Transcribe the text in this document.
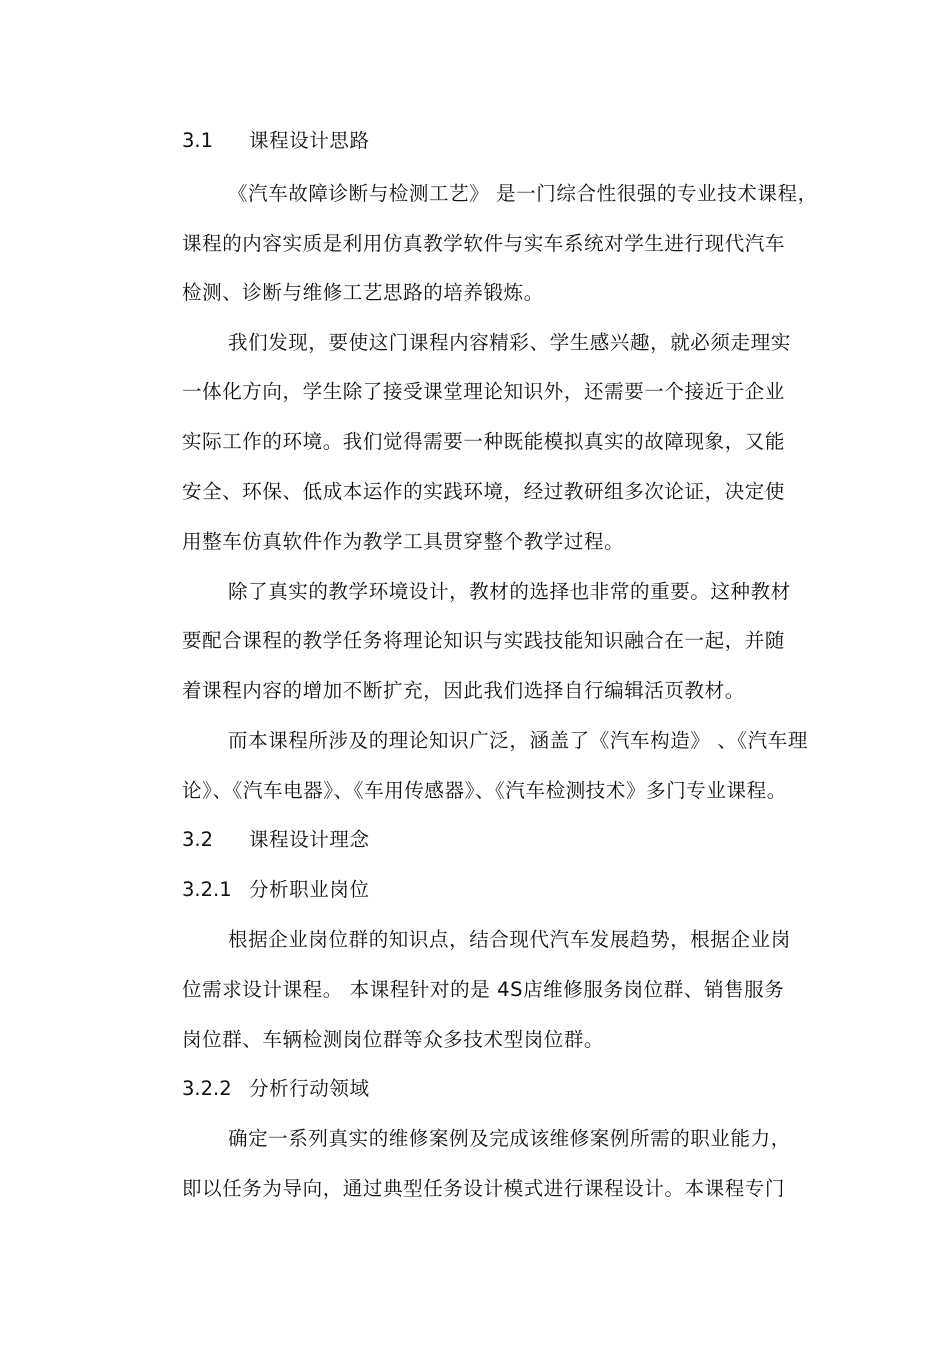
3.1 课程设计思路

《汽车故障诊断与检测工艺》 是一门综合性很强的专业技术课程，

课程的内容实质是利用仿真教学软件与实车系统对学生进行现代汽车

检测、诊断与维修工艺思路的培养锻炼。

我们发现，要使这门课程内容精彩、学生感兴趣，就必须走理实

一体化方向，学生除了接受课堂理论知识外，还需要一个接近于企业

实际工作的环境。我们觉得需要一种既能模拟真实的故障现象，又能

安全、环保、低成本运作的实践环境，经过教研组多次论证，决定使

用整车仿真软件作为教学工具贯穿整个教学过程。

除了真实的教学环境设计，教材的选择也非常的重要。这种教材

要配合课程的教学任务将理论知识与实践技能知识融合在一起，并随

着课程内容的增加不断扩充，因此我们选择自行编辑活页教材。

而本课程所涉及的理论知识广泛，涵盖了《汽车构造》 、《汽车理

论》、《汽车电器》、《车用传感器》、《汽车检测技术》多门专业课程。

3.2 课程设计理念

3.2.1 分析职业岗位

根据企业岗位群的知识点，结合现代汽车发展趋势，根据企业岗

位需求设计课程。 本课程针对的是 4S店维修服务岗位群、销售服务

岗位群、车辆检测岗位群等众多技术型岗位群。

3.2.2 分析行动领域

确定一系列真实的维修案例及完成该维修案例所需的职业能力，

即以任务为导向，通过典型任务设计模式进行课程设计。本课程专门
